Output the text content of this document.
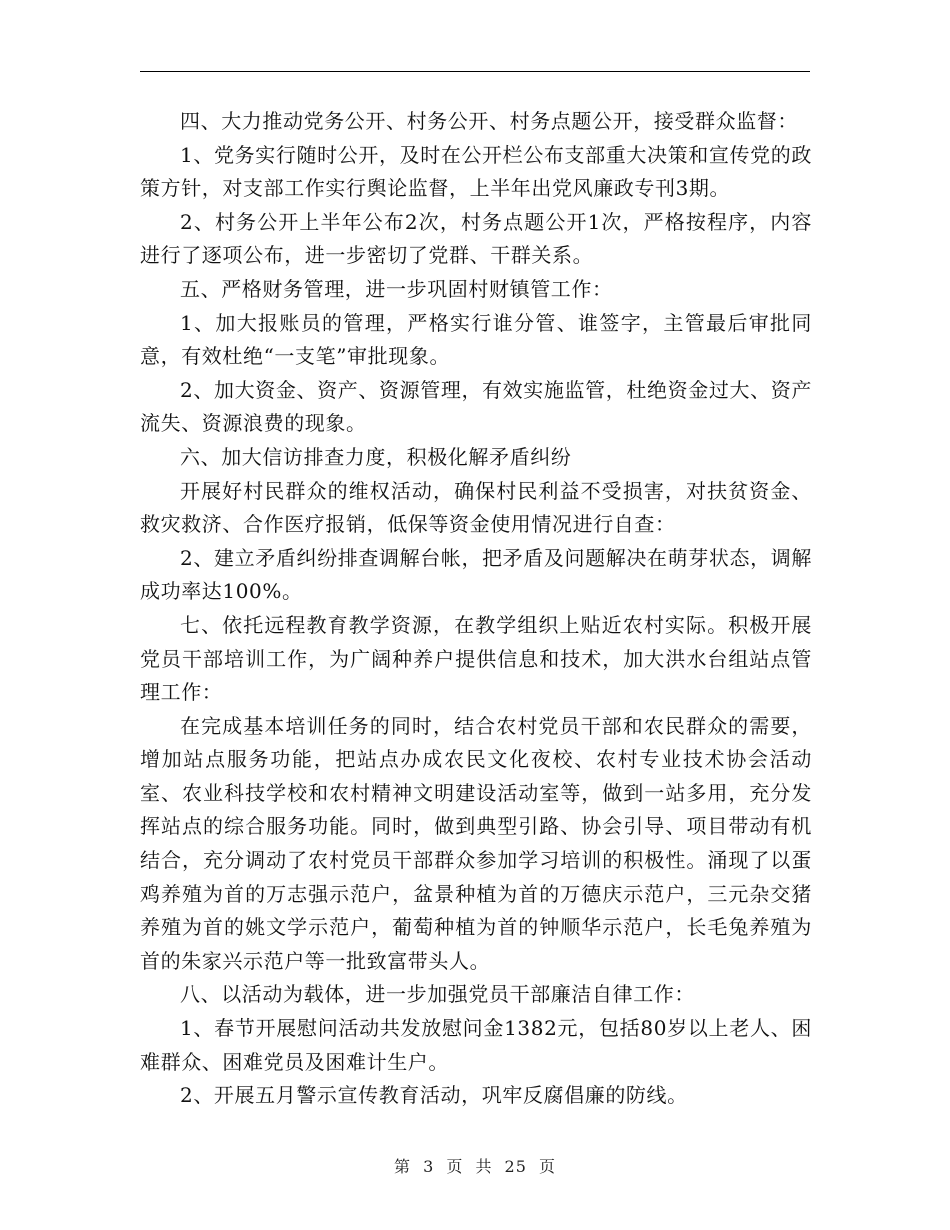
四、大力推动党务公开、村务公开、村务点题公开，接受群众监督：

1、党务实行随时公开，及时在公开栏公布支部重大决策和宣传党的政策方针，对支部工作实行舆论监督，上半年出党风廉政专刊3期。

2、村务公开上半年公布2次，村务点题公开1次，严格按程序，内容进行了逐项公布，进一步密切了党群、干群关系。

五、严格财务管理，进一步巩固村财镇管工作：

1、加大报账员的管理，严格实行谁分管、谁签字，主管最后审批同意，有效杜绝“一支笔”审批现象。

2、加大资金、资产、资源管理，有效实施监管，杜绝资金过大、资产流失、资源浪费的现象。

六、加大信访排查力度，积极化解矛盾纠纷

开展好村民群众的维权活动，确保村民利益不受损害，对扶贫资金、救灾救济、合作医疗报销，低保等资金使用情况进行自查：

2、建立矛盾纠纷排查调解台帐，把矛盾及问题解决在萌芽状态，调解成功率达100%。

七、依托远程教育教学资源，在教学组织上贴近农村实际。积极开展党员干部培训工作，为广阔种养户提供信息和技术，加大洪水台组站点管理工作：

在完成基本培训任务的同时，结合农村党员干部和农民群众的需要，增加站点服务功能，把站点办成农民文化夜校、农村专业技术协会活动室、农业科技学校和农村精神文明建设活动室等，做到一站多用，充分发挥站点的综合服务功能。同时，做到典型引路、协会引导、项目带动有机结合，充分调动了农村党员干部群众参加学习培训的积极性。涌现了以蛋鸡养殖为首的万志强示范户，盆景种植为首的万德庆示范户，三元杂交猪养殖为首的姚文学示范户，葡萄种植为首的钟顺华示范户，长毛兔养殖为首的朱家兴示范户等一批致富带头人。

八、以活动为载体，进一步加强党员干部廉洁自律工作：

1、春节开展慰问活动共发放慰问金1382元，包括80岁以上老人、困难群众、困难党员及困难计生户。

2、开展五月警示宣传教育活动，巩牢反腐倡廉的防线。

第 3 页 共 25 页
